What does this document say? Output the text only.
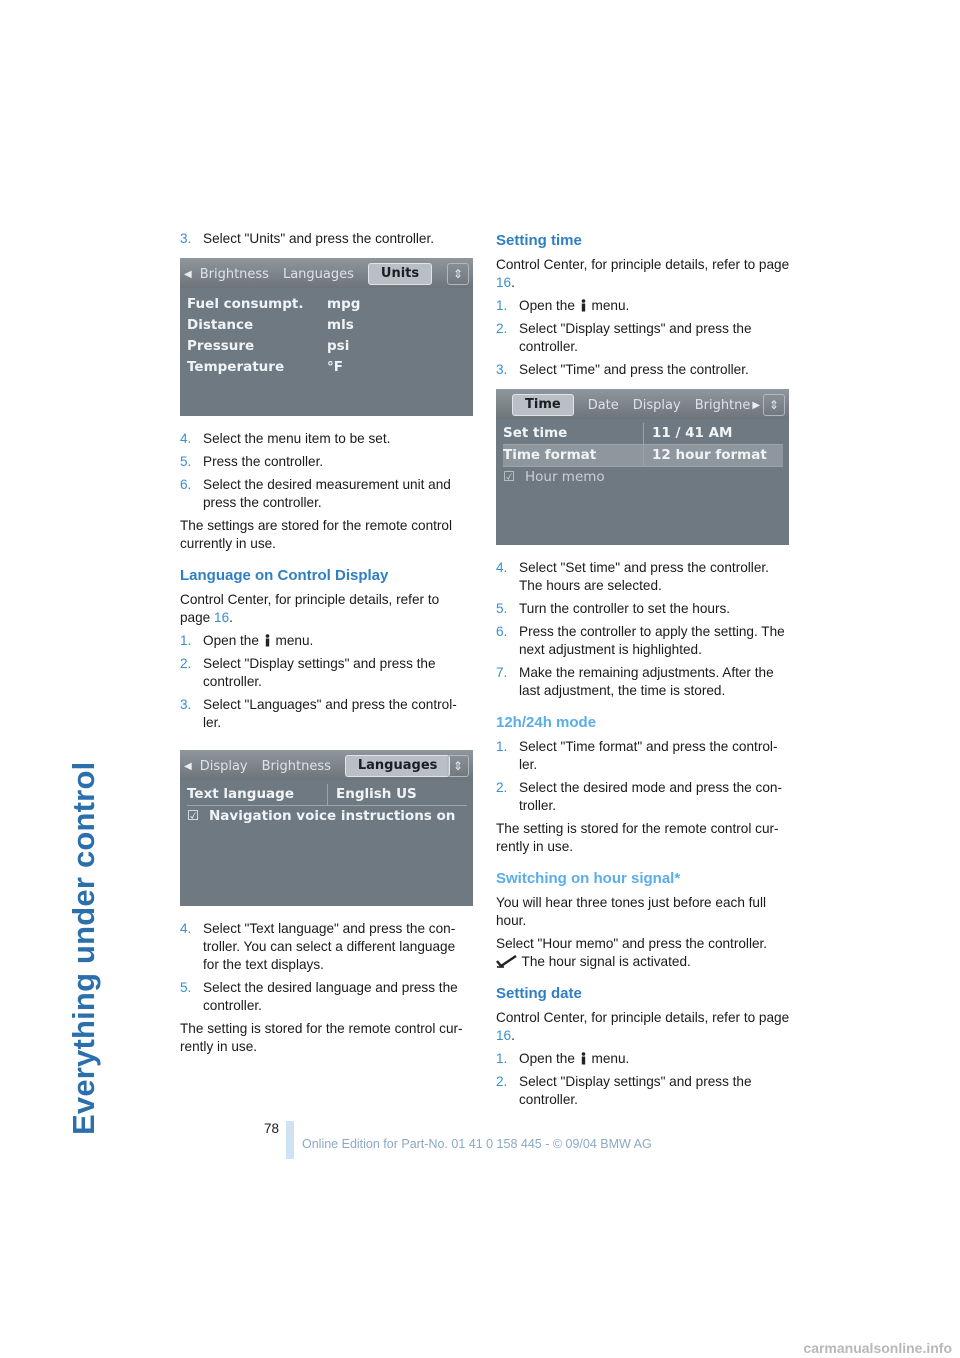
Everything under control
3. Select "Units" and press the controller.
◀ Brightness Languages	Units	⇕
Fuel consumpt.	mpg
Distance	mls
Pressure	psi
Temperature	°F
4. Select the menu item to be set.
5. Press the controller.
6. Select the desired measurement unit and press the controller.

The settings are stored for the remote control currently in use.

Language on Control Display

Control Center, for principle details, refer to page 16.

1. Open the menu.
2. Select "Display settings" and press the controller.
3. Select "Languages" and press the control-ler.
◀ Display Brightness	Languages	⇕
Text language	English US
☑ Navigation voice instructions on
4. Select "Text language" and press the con-troller. You can select a different language for the text displays.
5. Select the desired language and press the controller.

The setting is stored for the remote control cur-rently in use.

Setting time

Control Center, for principle details, refer to page 16.

1. Open the menu.
2. Select "Display settings" and press the controller.
3. Select "Time" and press the controller.
Time	Date Display Brightne ▶ ⇕
Set time	11 / 41 AM
Time format	12 hour format
☑ Hour memo
4. Select "Set time" and press the controller. The hours are selected.
5. Turn the controller to set the hours.
6. Press the controller to apply the setting. The next adjustment is highlighted.
7. Make the remaining adjustments. After the last adjustment, the time is stored.
12h/24h mode
1. Select "Time format" and press the control-ler.
2. Select the desired mode and press the con-troller.

The setting is stored for the remote control cur-rently in use.

Switching on hour signal*

You will hear three tones just before each full hour.

Select "Hour memo" and press the controller.
The hour signal is activated.

Setting date

Control Center, for principle details, refer to page 16.

1. Open the menu.
2. Select "Display settings" and press the controller.
78
Online Edition for Part-No. 01 41 0 158 445 - © 09/04 BMW AG
carmanualsonline.info
